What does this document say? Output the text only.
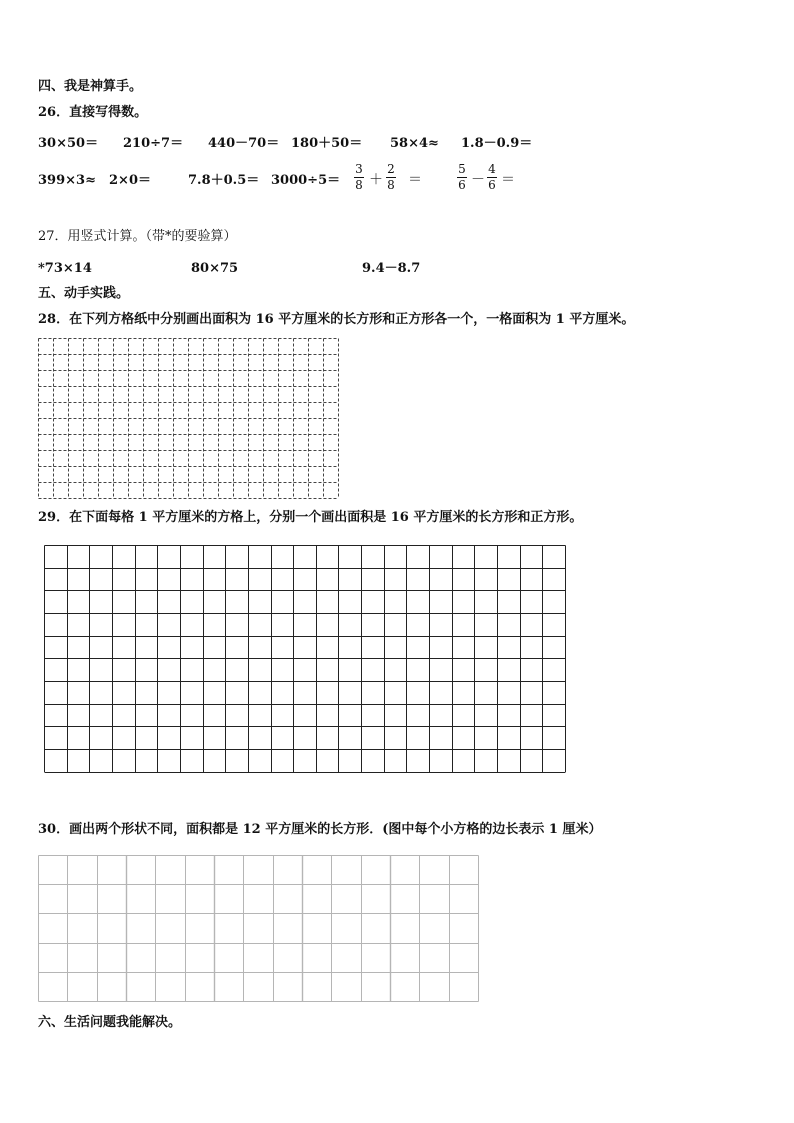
四、我是神算手。
26．直接写得数。
30×50＝ 210÷7＝ 440－70＝ 180＋50＝ 58×4≈ 1.8－0.9＝
399×3≈ 2×0＝	7.8＋0.5＝ 3000÷5＝
3
8 ＋
2
8 ＝
5
6 －
4
6 ＝
27．用竖式计算。（带*的要验算）
*73×14	80×75	9.4－8.7
五、动手实践。
28．在下列方格纸中分别画出面积为 16 平方厘米的长方形和正方形各一个，一格面积为 1 平方厘米。
29．在下面每格 1 平方厘米的方格上，分别一个画出面积是 16 平方厘米的长方形和正方形。
30．画出两个形状不同，面积都是 12 平方厘米的长方形．(图中每个小方格的边长表示 1 厘米）
六、生活问题我能解决。
